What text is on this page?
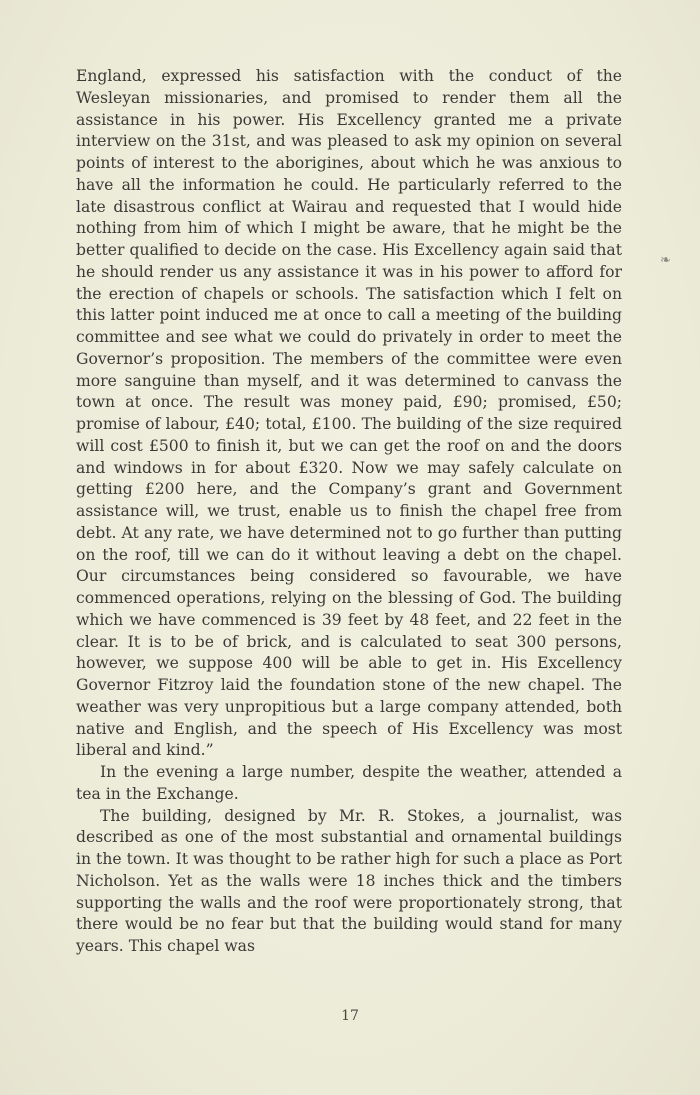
England, expressed his satisfaction with the conduct of the Wesleyan missionaries, and promised to render them all the assistance in his power. His Excellency granted me a private interview on the 31st, and was pleased to ask my opinion on several points of interest to the aborigines, about which he was anxious to have all the information he could. He particularly referred to the late disastrous conflict at Wairau and requested that I would hide nothing from him of which I might be aware, that he might be the better qualified to decide on the case. His Excellency again said that he should render us any assistance it was in his power to afford for the erection of chapels or schools. The satisfaction which I felt on this latter point induced me at once to call a meeting of the building committee and see what we could do privately in order to meet the Governor’s proposition. The members of the committee were even more sanguine than myself, and it was determined to canvass the town at once. The result was money paid, £90; promised, £50; promise of labour, £40; total, £100. The building of the size required will cost £500 to finish it, but we can get the roof on and the doors and windows in for about £320. Now we may safely calculate on getting £200 here, and the Company’s grant and Government assistance will, we trust, enable us to finish the chapel free from debt. At any rate, we have determined not to go further than putting on the roof, till we can do it without leaving a debt on the chapel. Our circumstances being considered so favourable, we have commenced operations, relying on the blessing of God. The building which we have commenced is 39 feet by 48 feet, and 22 feet in the clear. It is to be of brick, and is calculated to seat 300 persons, however, we suppose 400 will be able to get in. His Excellency Governor Fitzroy laid the foundation stone of the new chapel. The weather was very unpropitious but a large company attended, both native and English, and the speech of His Excellency was most liberal and kind.”

In the evening a large number, despite the weather, attended a tea in the Exchange.

The building, designed by Mr. R. Stokes, a journalist, was described as one of the most substantial and ornamental buildings in the town. It was thought to be rather high for such a place as Port Nicholson. Yet as the walls were 18 inches thick and the timbers supporting the walls and the roof were proportionately strong, that there would be no fear but that the building would stand for many years. This chapel was

❧
17
